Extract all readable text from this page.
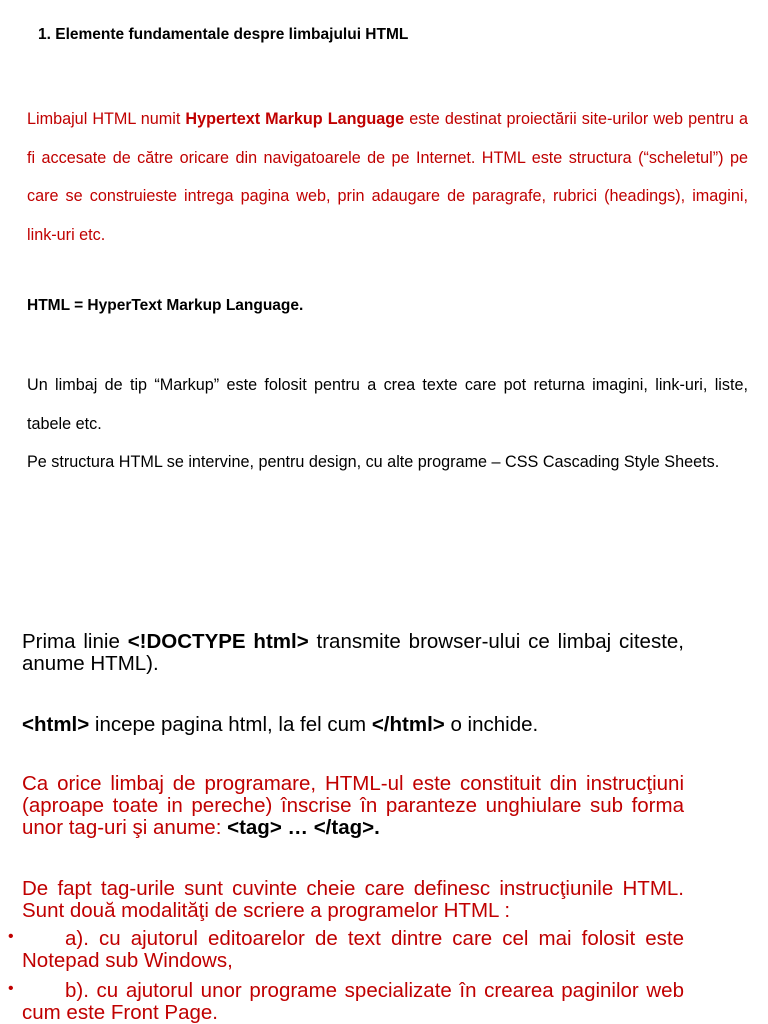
1. Elemente fundamentale despre limbajului HTML
Limbajul HTML numit Hypertext Markup Language este destinat proiectării site-urilor web pentru a fi accesate de către oricare din navigatoarele de pe Internet. HTML este structura (“scheletul”) pe care se construieste intrega pagina web, prin adaugare de paragrafe, rubrici (headings), imagini, link-uri etc.
HTML = HyperText Markup Language.
Un limbaj de tip “Markup” este folosit pentru a crea texte care pot returna imagini, link-uri, liste, tabele etc.
Pe structura HTML se intervine, pentru design, cu alte programe – CSS Cascading Style Sheets.
Prima linie <!DOCTYPE html> transmite browser-ului ce limbaj citeste, anume HTML).
<html> incepe pagina html, la fel cum </html> o inchide.
Ca orice limbaj de programare, HTML-ul este constituit din instrucţiuni (aproape toate in pereche) înscrise în paranteze unghiulare sub forma unor tag-uri şi anume: <tag> … </tag>.
De fapt tag-urile sunt cuvinte cheie care definesc instrucţiunile HTML. Sunt două modalităţi de scriere a programelor HTML :
•	a). cu ajutorul editoarelor de text dintre care cel mai folosit este Notepad sub Windows,
•	b). cu ajutorul unor programe specializate în crearea paginilor web cum este Front Page.
